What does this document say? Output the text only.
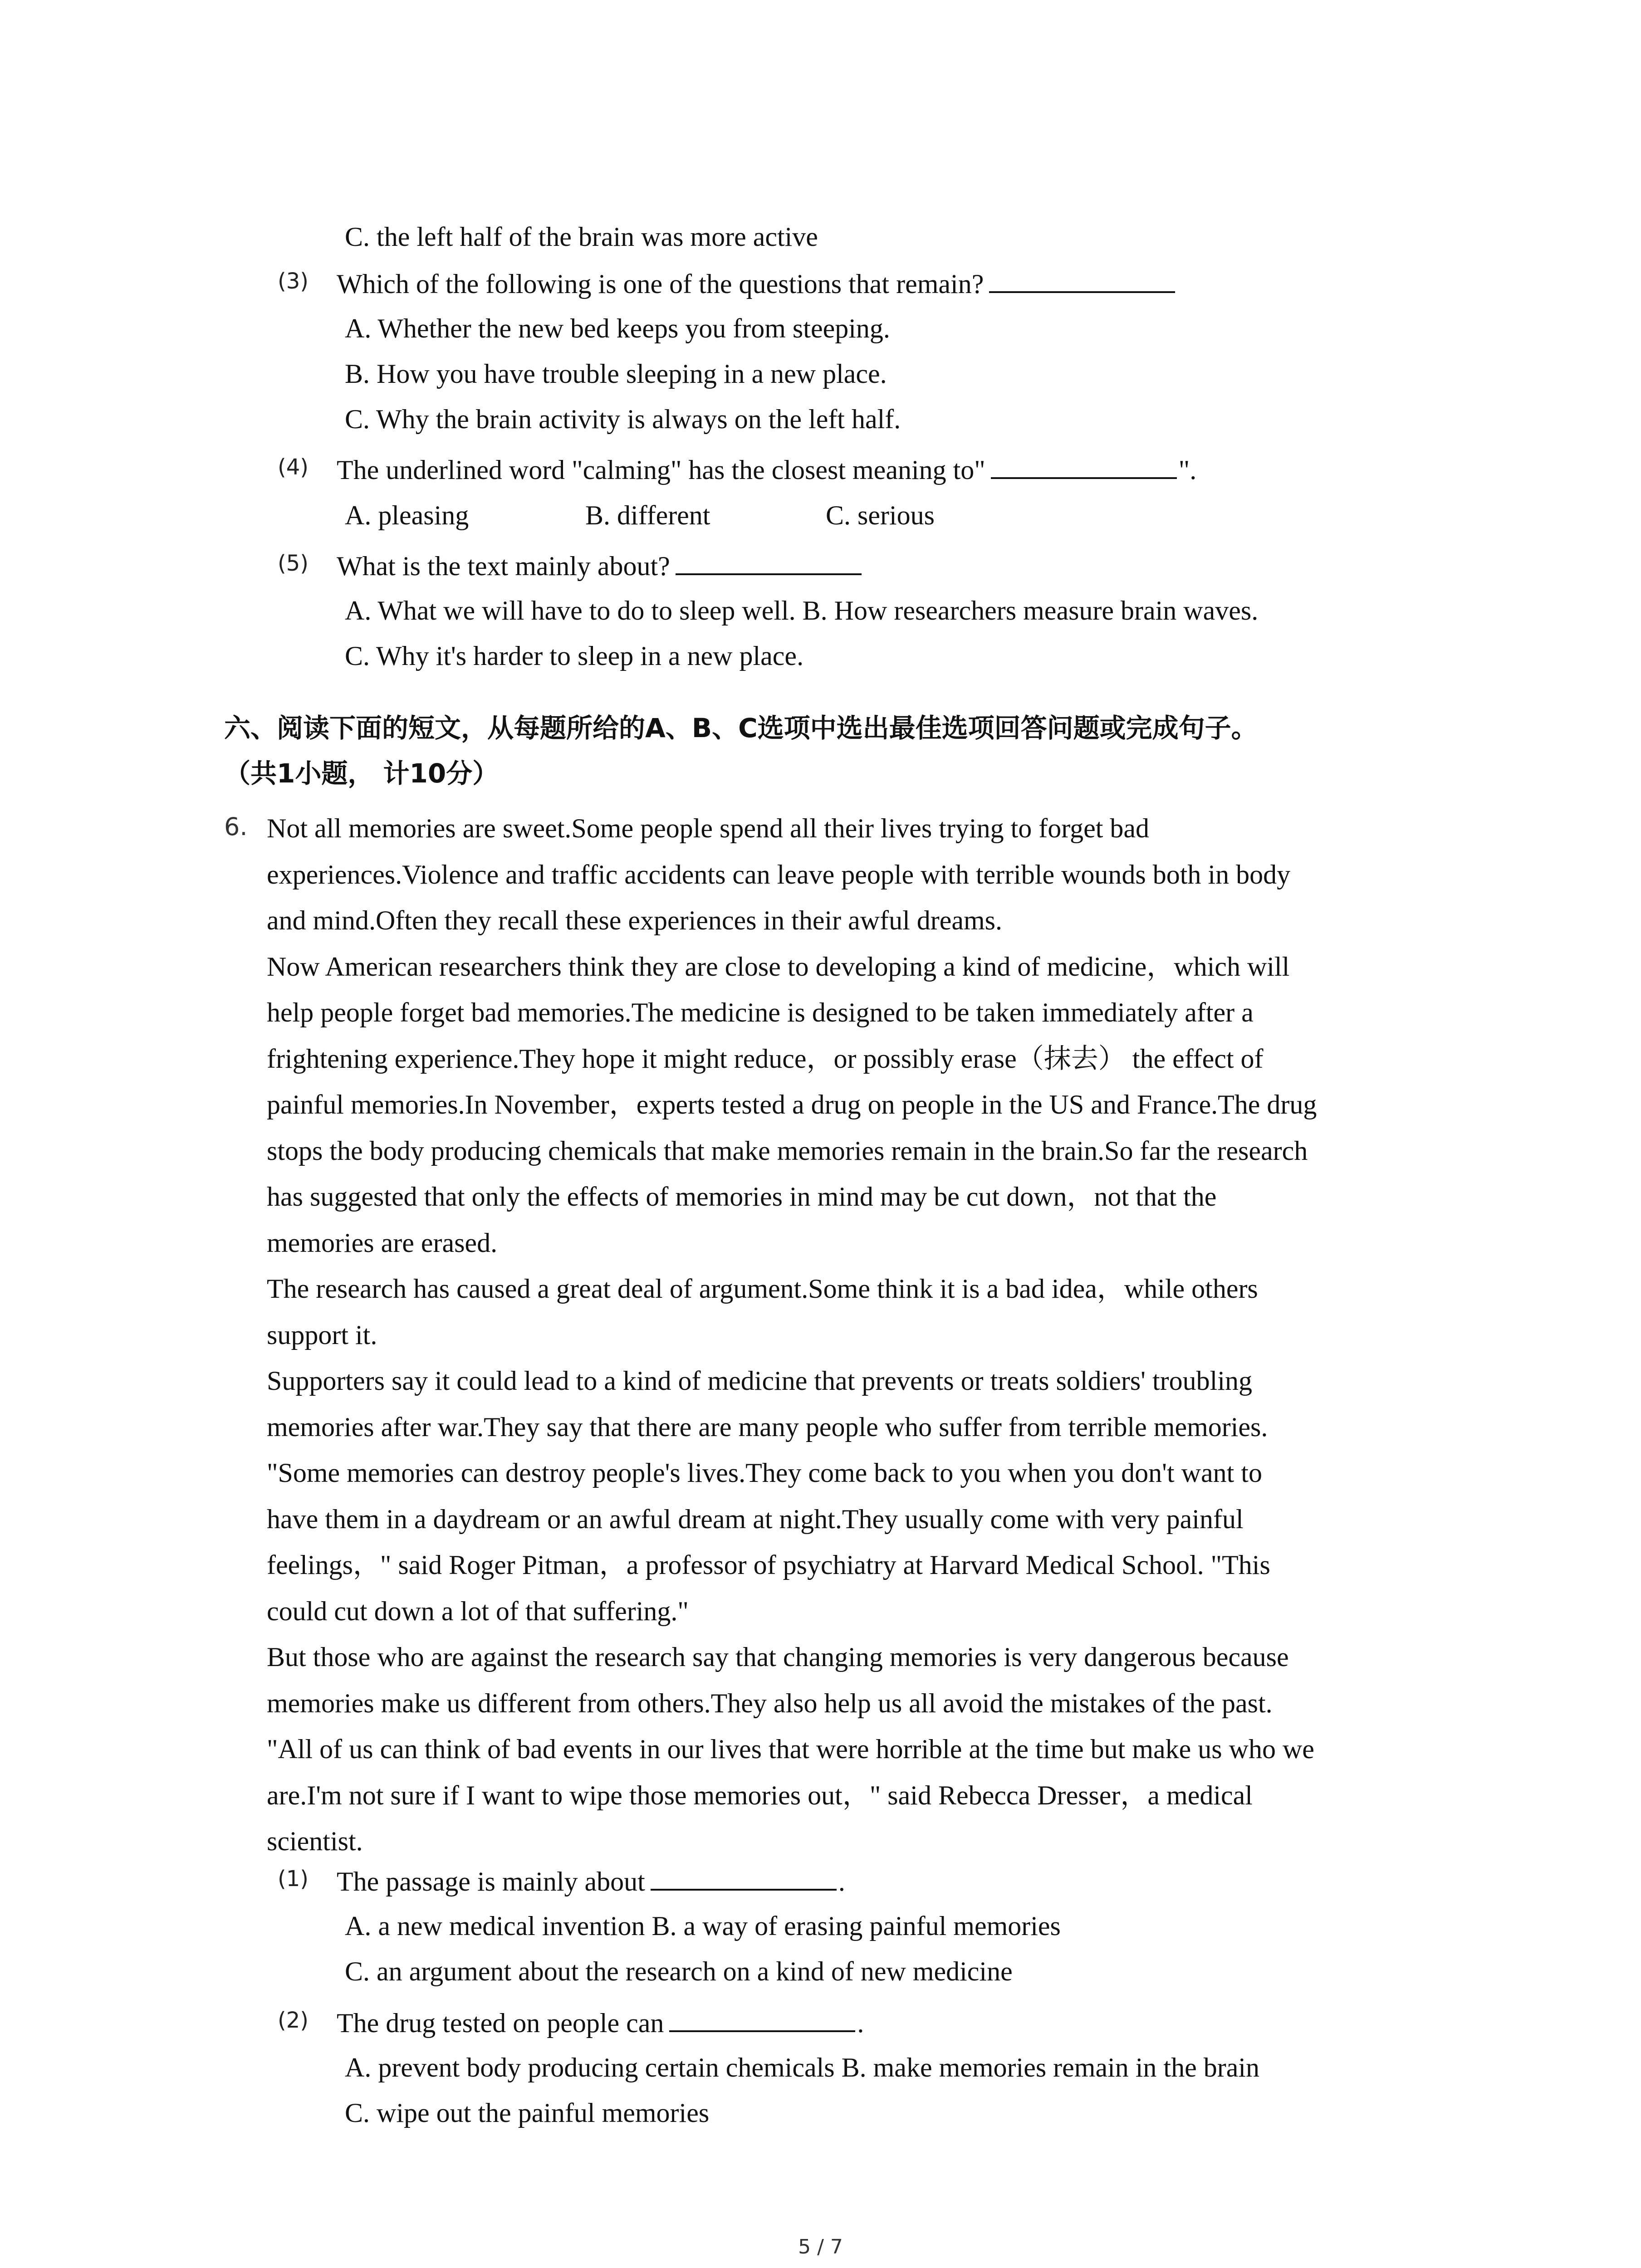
C. the left half of the brain was more active
(3) Which of the following is one of the questions that remain?
A. Whether the new bed keeps you from steeping.
B. How you have trouble sleeping in a new place.
C. Why the brain activity is always on the left half.
(4) The underlined word "calming" has the closest meaning to"	".
A. pleasing	B. different	C. serious
(5) What is the text mainly about?
A. What we will have to do to sleep well. B. How researchers measure brain waves.
C. Why it's harder to sleep in a new place.
六、阅读下面的短文，从每题所给的A、B、C选项中选出最佳选项回答问题或完成句子。
（共1小题， 计10分）
6. Not all memories are sweet.Some people spend all their lives trying to forget bad
experiences.Violence and traffic accidents can leave people with terrible wounds both in body
and mind.Often they recall these experiences in their awful dreams.
Now American researchers think they are close to developing a kind of medicine，which will
help people forget bad memories.The medicine is designed to be taken immediately after a
frightening experience.They hope it might reduce，or possibly erase（抹去） the effect of
painful memories.In November，experts tested a drug on people in the US and France.The drug
stops the body producing chemicals that make memories remain in the brain.So far the research
has suggested that only the effects of memories in mind may be cut down，not that the
memories are erased.
The research has caused a great deal of argument.Some think it is a bad idea，while others
support it.
Supporters say it could lead to a kind of medicine that prevents or treats soldiers' troubling
memories after war.They say that there are many people who suffer from terrible memories.
"Some memories can destroy people's lives.They come back to you when you don't want to
have them in a daydream or an awful dream at night.They usually come with very painful
feelings，" said Roger Pitman，a professor of psychiatry at Harvard Medical School. "This
could cut down a lot of that suffering."
But those who are against the research say that changing memories is very dangerous because
memories make us different from others.They also help us all avoid the mistakes of the past.
"All of us can think of bad events in our lives that were horrible at the time but make us who we
are.I'm not sure if I want to wipe those memories out，" said Rebecca Dresser，a medical
scientist.
(1) The passage is mainly about	.
A. a new medical invention B. a way of erasing painful memories
C. an argument about the research on a kind of new medicine
(2) The drug tested on people can	.
A. prevent body producing certain chemicals B. make memories remain in the brain
C. wipe out the painful memories
5 / 7
